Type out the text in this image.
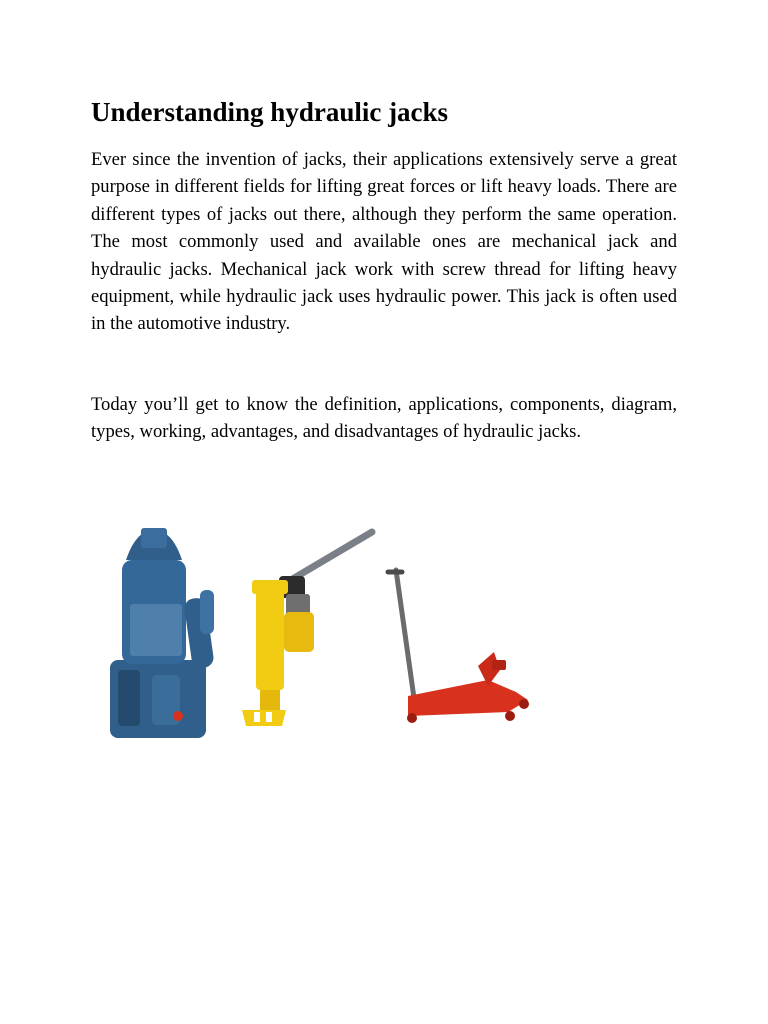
Understanding hydraulic jacks

Ever since the invention of jacks, their applications extensively serve a great purpose in different fields for lifting great forces or lift heavy loads. There are different types of jacks out there, although they perform the same operation. The most commonly used and available ones are mechanical jack and hydraulic jacks. Mechanical jack work with screw thread for lifting heavy equipment, while hydraulic jack uses hydraulic power. This jack is often used in the automotive industry.

Today you’ll get to know the definition, applications, components, diagram, types, working, advantages, and disadvantages of hydraulic jacks.
